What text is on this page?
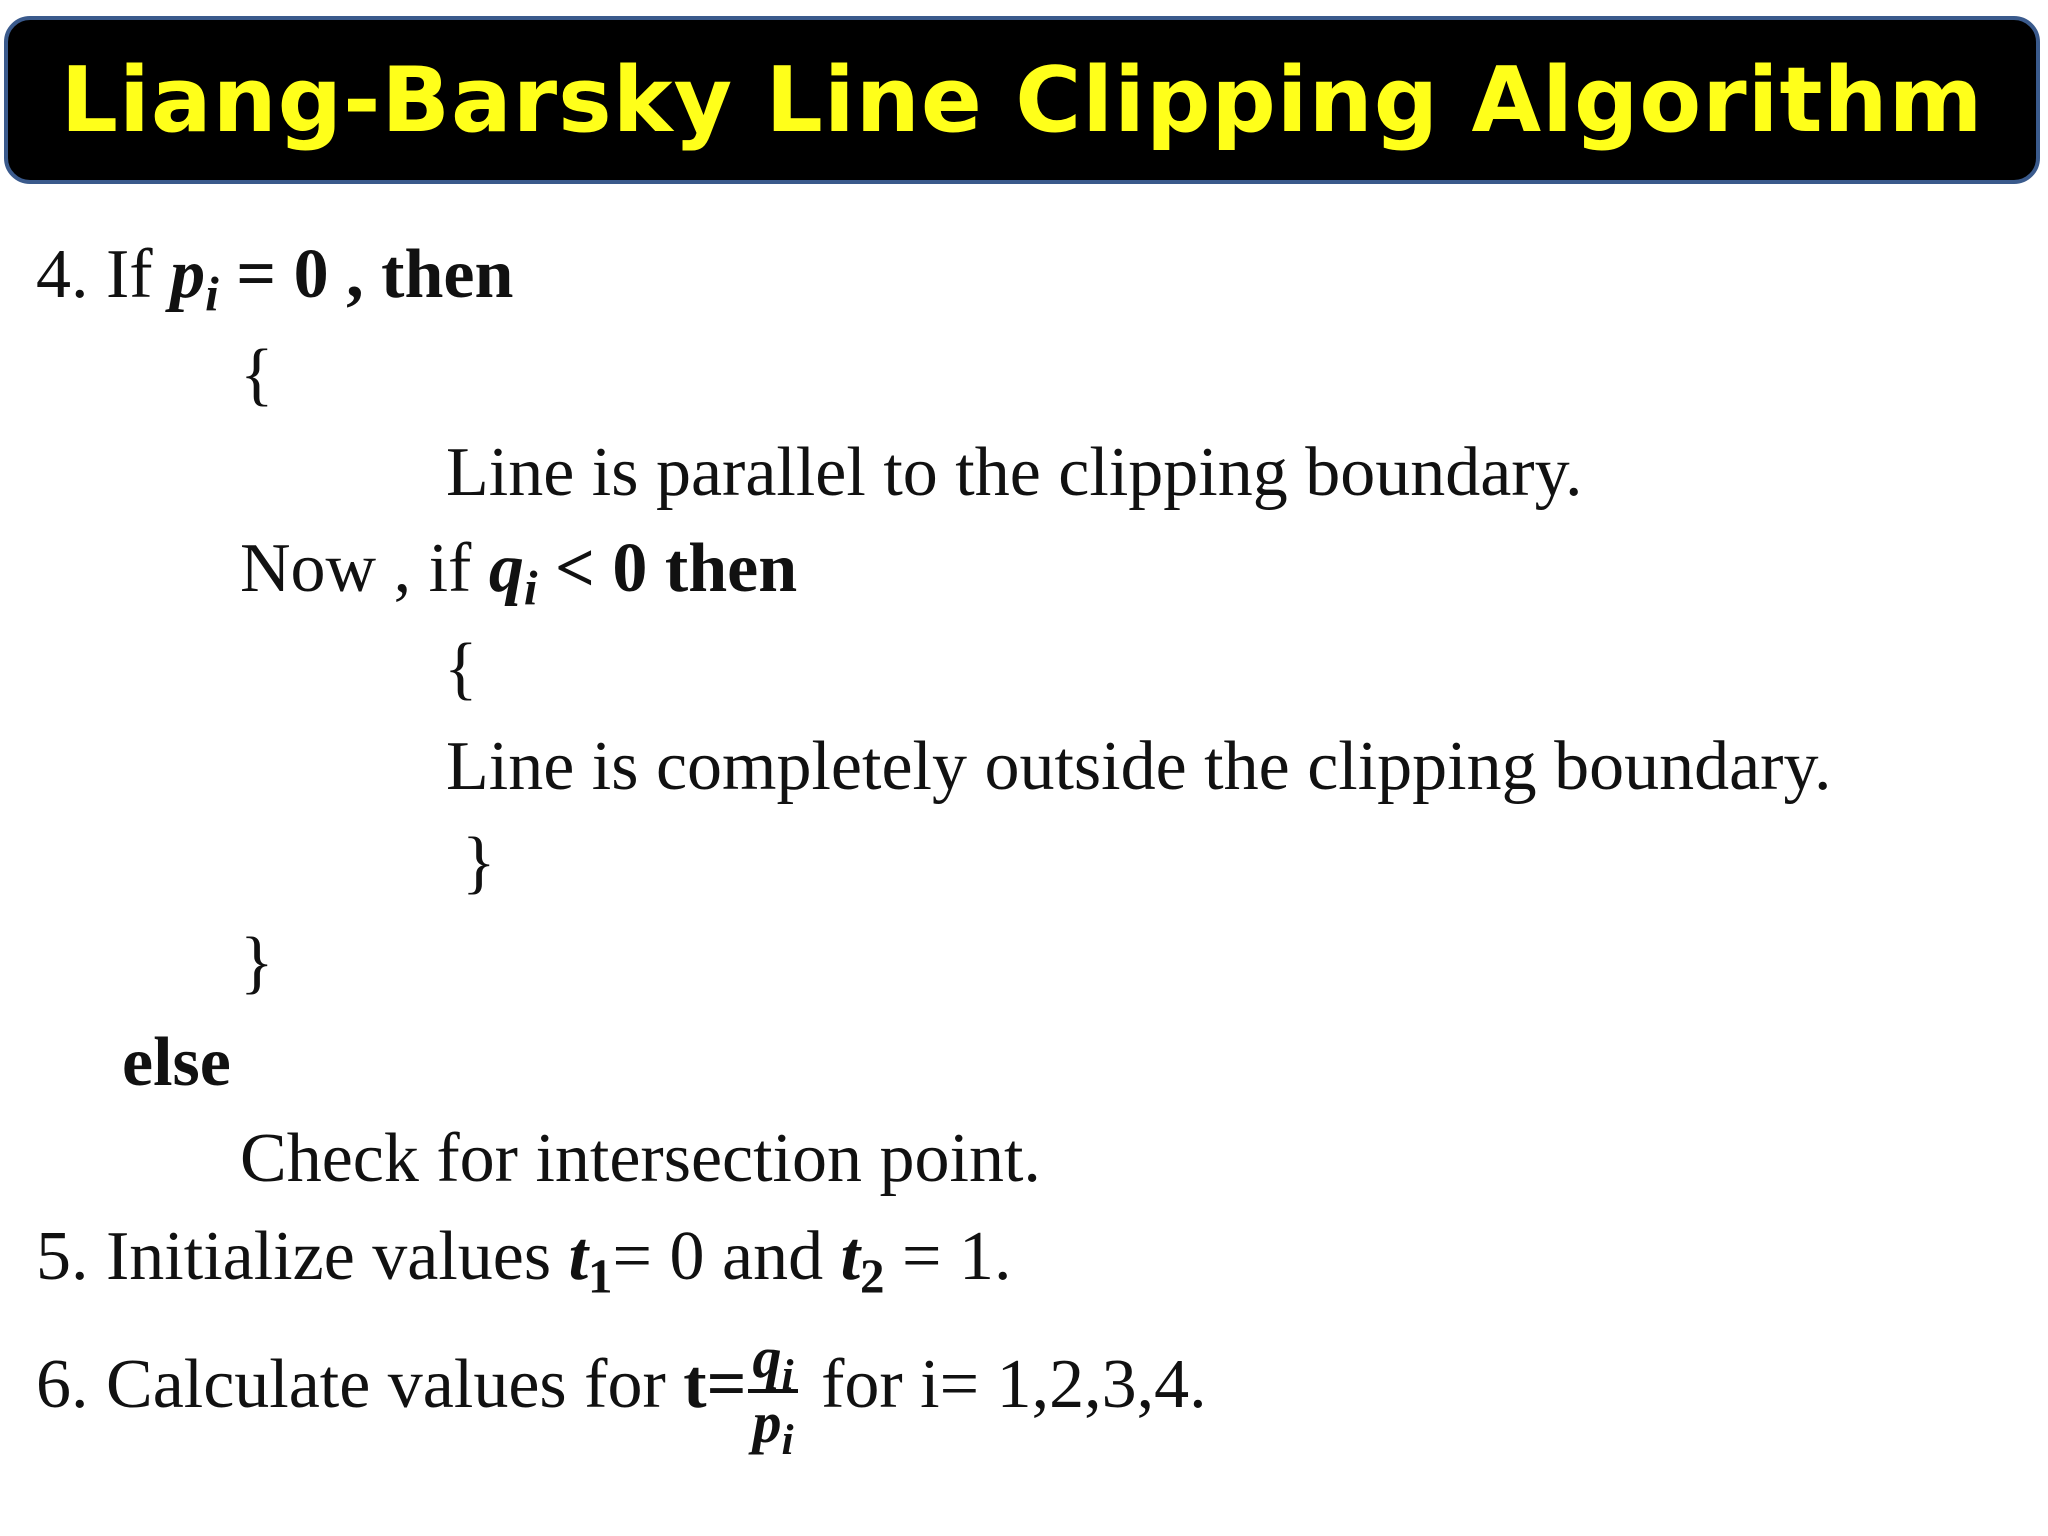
Liang-Barsky Line Clipping Algorithm
4. If $p_i = 0$ , then
{
Line is parallel to the clipping boundary.
Now , if $q_i < 0$ then
{
Line is completely outside the clipping boundary.
}
}
else
Check for intersection point.
5. Initialize values $t_1= 0$ and $t_2 = 1$.
6. Calculate values for $t= \frac{q_i}{p_i}$ for i= 1,2,3,4.
